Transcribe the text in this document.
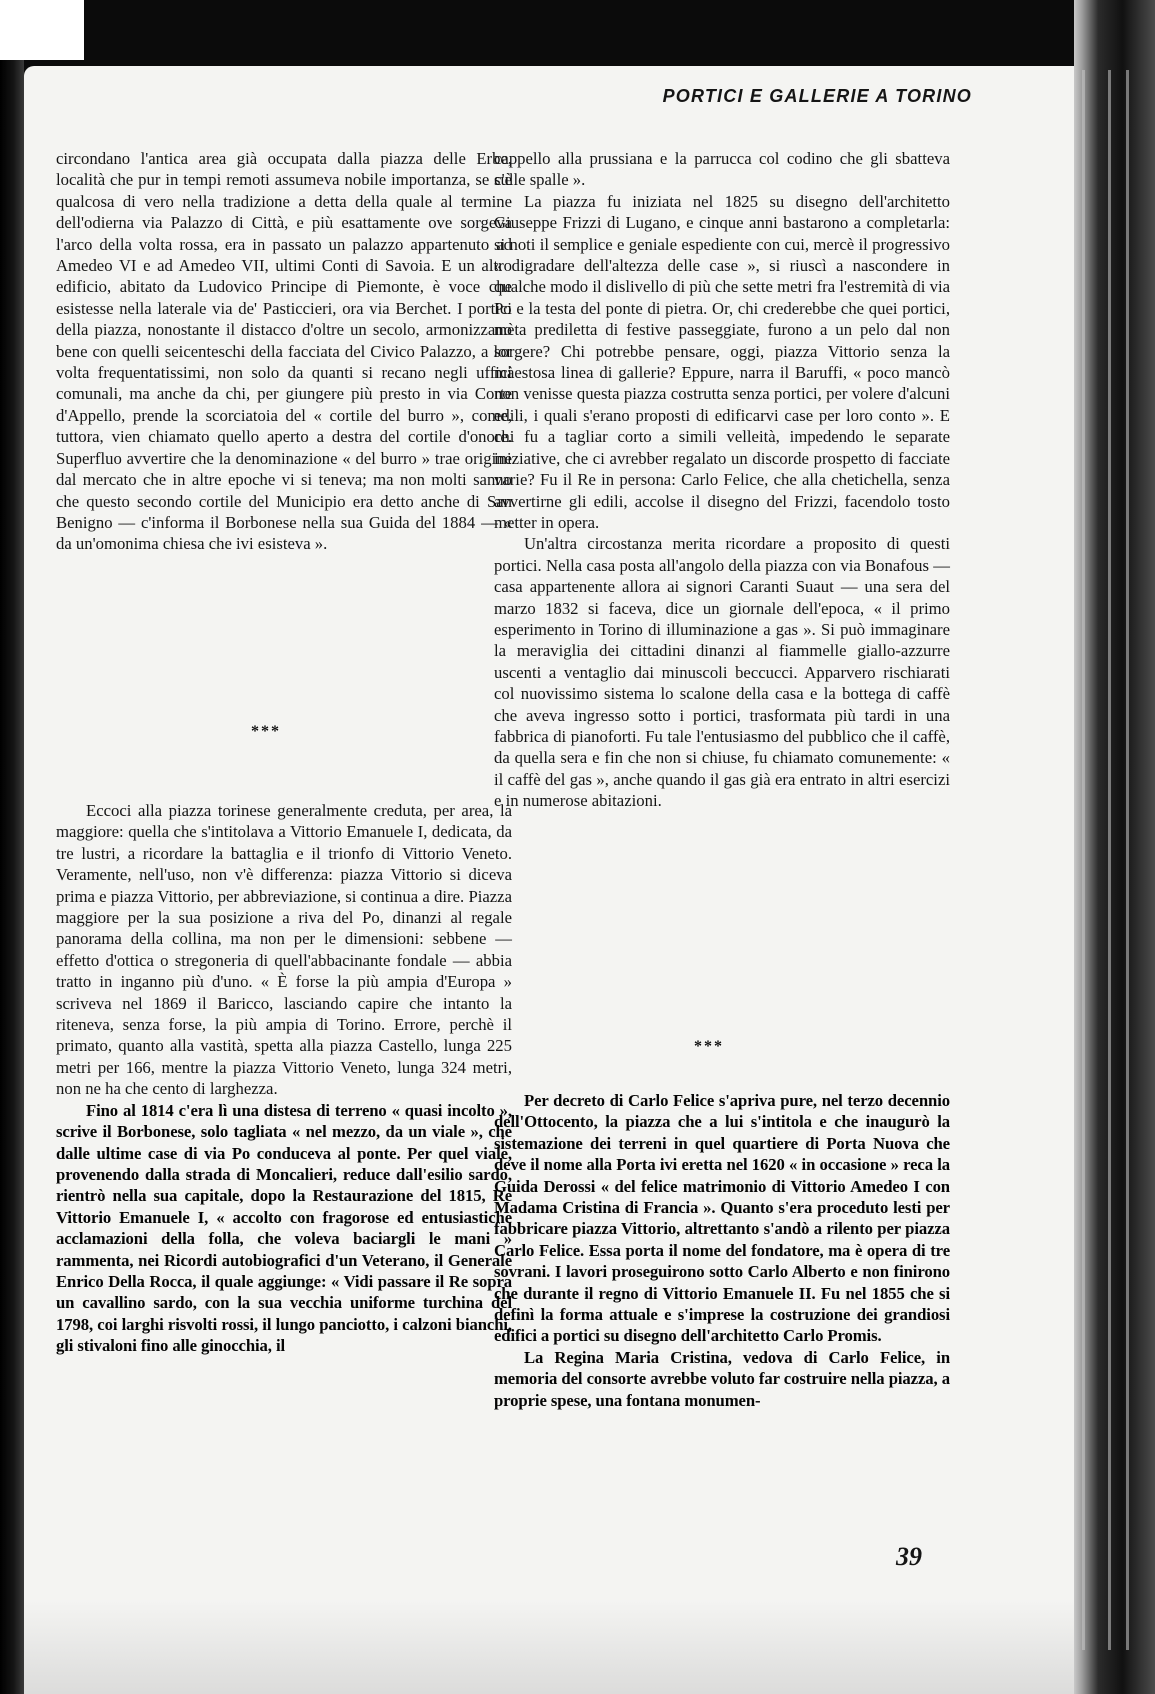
PORTICI E GALLERIE A TORINO

circondano l'antica area già occupata dalla piazza delle Erbe, località che pur in tempi remoti assumeva nobile importanza, se c'è qualcosa di vero nella tradizione a detta della quale al termine dell'odierna via Palazzo di Città, e più esattamente ove sorgeva l'arco della volta rossa, era in passato un palazzo appartenuto ad Amedeo VI e ad Amedeo VII, ultimi Conti di Savoia. E un altro edificio, abitato da Ludovico Principe di Piemonte, è voce che esistesse nella laterale via de' Pasticcieri, ora via Berchet. I portici della piazza, nonostante il distacco d'oltre un secolo, armonizzano bene con quelli seicenteschi della facciata del Civico Palazzo, a lor volta frequentatissimi, non solo da quanti si recano negli uffici comunali, ma anche da chi, per giungere più presto in via Corte d'Appello, prende la scorciatoia del « cortile del burro », come, tuttora, vien chiamato quello aperto a destra del cortile d'onore. Superfluo avvertire che la denominazione « del burro » trae origine dal mercato che in altre epoche vi si teneva; ma non molti sanno che questo secondo cortile del Municipio era detto anche di San Benigno — c'informa il Borbonese nella sua Guida del 1884 — « da un'omonima chiesa che ivi esisteva ».

***

Eccoci alla piazza torinese generalmente creduta, per area, la maggiore: quella che s'intitolava a Vittorio Emanuele I, dedicata, da tre lustri, a ricordare la battaglia e il trionfo di Vittorio Veneto. Veramente, nell'uso, non v'è differenza: piazza Vittorio si diceva prima e piazza Vittorio, per abbreviazione, si continua a dire. Piazza maggiore per la sua posizione a riva del Po, dinanzi al regale panorama della collina, ma non per le dimensioni: sebbene — effetto d'ottica o stregoneria di quell'abbacinante fondale — abbia tratto in inganno più d'uno. « È forse la più ampia d'Europa » scriveva nel 1869 il Baricco, lasciando capire che intanto la riteneva, senza forse, la più ampia di Torino. Errore, perchè il primato, quanto alla vastità, spetta alla piazza Castello, lunga 225 metri per 166, mentre la piazza Vittorio Veneto, lunga 324 metri, non ne ha che cento di larghezza.

Fino al 1814 c'era lì una distesa di terreno « quasi incolto », scrive il Borbonese, solo tagliata « nel mezzo, da un viale », che dalle ultime case di via Po conduceva al ponte. Per quel viale, provenendo dalla strada di Moncalieri, reduce dall'esilio sardo, rientrò nella sua capitale, dopo la Restaurazione del 1815, Re Vittorio Emanuele I, « accolto con fragorose ed entusiastiche acclamazioni della folla, che voleva baciargli le mani » rammenta, nei Ricordi autobiografici d'un Veterano, il Generale Enrico Della Rocca, il quale aggiunge: « Vidi passare il Re sopra un cavallino sardo, con la sua vecchia uniforme turchina del 1798, coi larghi risvolti rossi, il lungo panciotto, i calzoni bianchi, gli stivaloni fino alle ginocchia, il

cappello alla prussiana e la parrucca col codino che gli sbatteva sulle spalle ».

La piazza fu iniziata nel 1825 su disegno dell'architetto Giuseppe Frizzi di Lugano, e cinque anni bastarono a completarla: si noti il semplice e geniale espediente con cui, mercè il progressivo « digradare dell'altezza delle case », si riuscì a nascondere in qualche modo il dislivello di più che sette metri fra l'estremità di via Po e la testa del ponte di pietra. Or, chi crederebbe che quei portici, mèta prediletta di festive passeggiate, furono a un pelo dal non sorgere? Chi potrebbe pensare, oggi, piazza Vittorio senza la màestosa linea di gallerie? Eppure, narra il Baruffi, « poco mancò non venisse questa piazza costrutta senza portici, per volere d'alcuni edili, i quali s'erano proposti di edificarvi case per loro conto ». E chi fu a tagliar corto a simili velleità, impedendo le separate iniziative, che ci avrebber regalato un discorde prospetto di facciate varie? Fu il Re in persona: Carlo Felice, che alla chetichella, senza avvertirne gli edili, accolse il disegno del Frizzi, facendolo tosto metter in opera.

Un'altra circostanza merita ricordare a proposito di questi portici. Nella casa posta all'angolo della piazza con via Bonafous — casa appartenente allora ai signori Caranti Suaut — una sera del marzo 1832 si faceva, dice un giornale dell'epoca, « il primo esperimento in Torino di illuminazione a gas ». Si può immaginare la meraviglia dei cittadini dinanzi al fiammelle giallo-azzurre uscenti a ventaglio dai minuscoli beccucci. Apparvero rischiarati col nuovissimo sistema lo scalone della casa e la bottega di caffè che aveva ingresso sotto i portici, trasformata più tardi in una fabbrica di pianoforti. Fu tale l'entusiasmo del pubblico che il caffè, da quella sera e fin che non si chiuse, fu chiamato comunemente: « il caffè del gas », anche quando il gas già era entrato in altri esercizi e in numerose abitazioni.

***

Per decreto di Carlo Felice s'apriva pure, nel terzo decennio dell'Ottocento, la piazza che a lui s'intitola e che inaugurò la sistemazione dei terreni in quel quartiere di Porta Nuova che deve il nome alla Porta ivi eretta nel 1620 « in occasione » reca la Guida Derossi « del felice matrimonio di Vittorio Amedeo I con Madama Cristina di Francia ». Quanto s'era proceduto lesti per fabbricare piazza Vittorio, altrettanto s'andò a rilento per piazza Carlo Felice. Essa porta il nome del fondatore, ma è opera di tre sovrani. I lavori proseguirono sotto Carlo Alberto e non finirono che durante il regno di Vittorio Emanuele II. Fu nel 1855 che si definì la forma attuale e s'imprese la costruzione dei grandiosi edifici a portici su disegno dell'architetto Carlo Promis.

La Regina Maria Cristina, vedova di Carlo Felice, in memoria del consorte avrebbe voluto far costruire nella piazza, a proprie spese, una fontana monumen-

39
